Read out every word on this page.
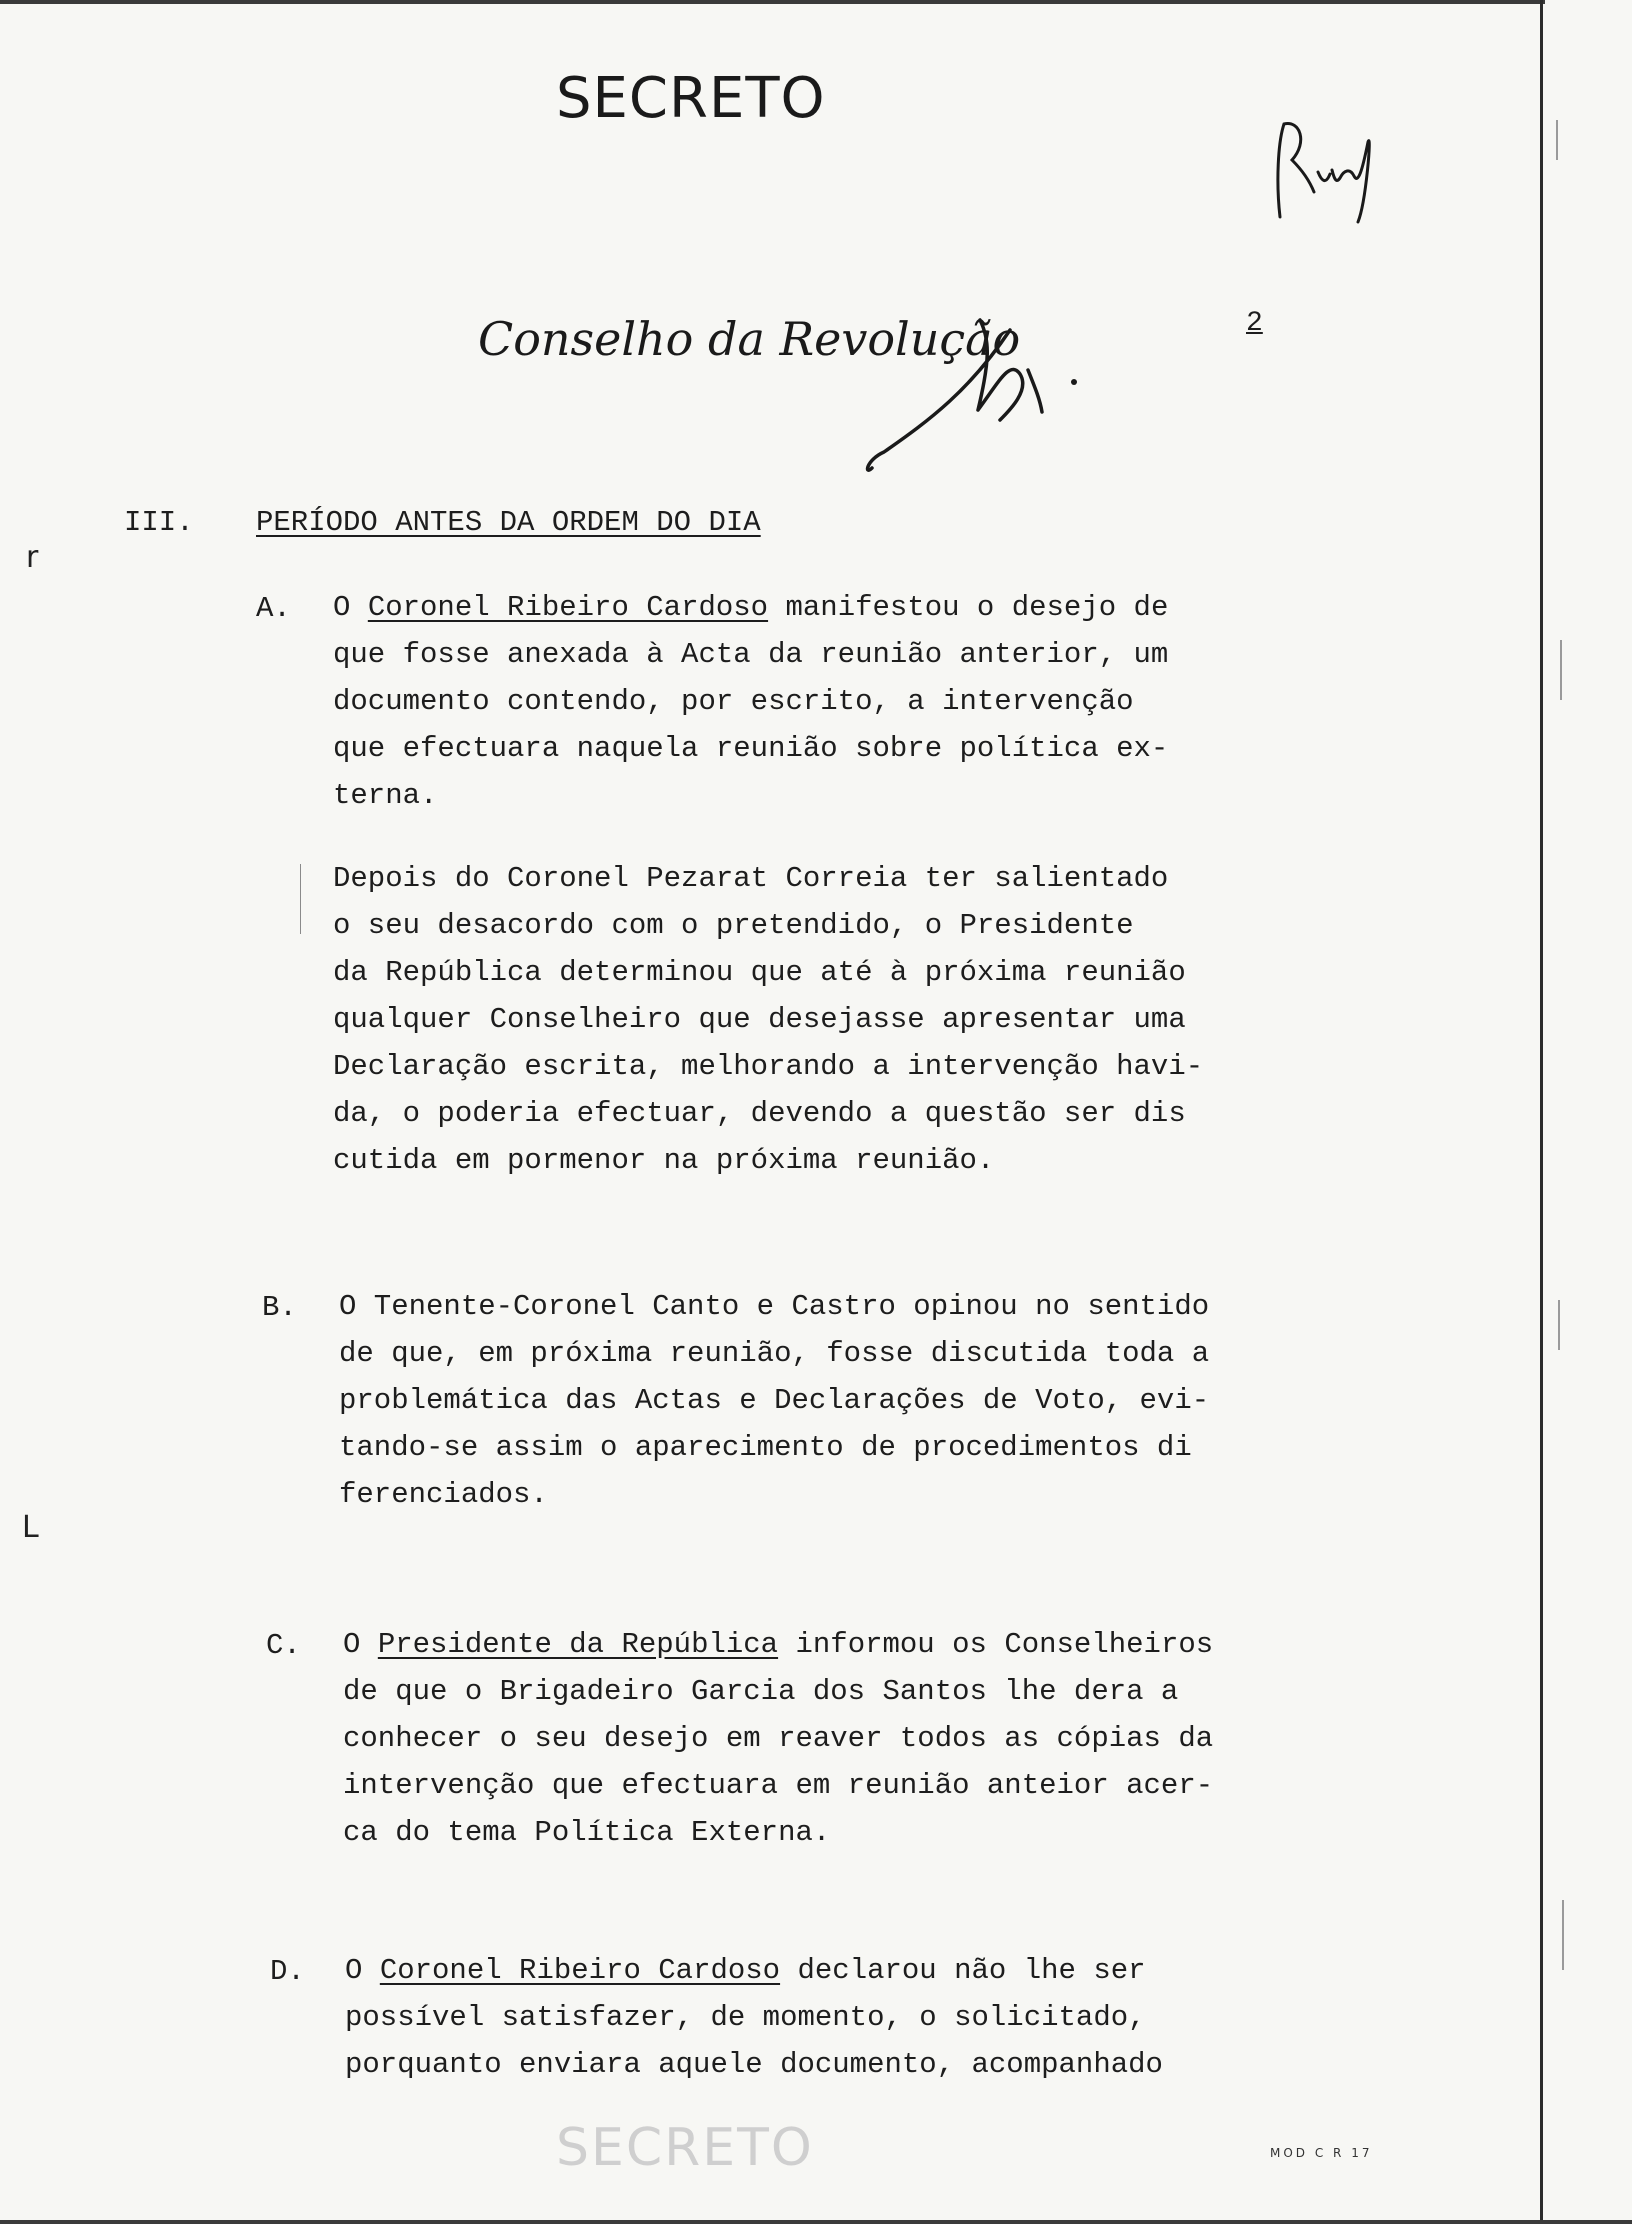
SECRETO
SECRETO
Conselho da Revolução	2
r
L
III. PERÍODO ANTES DA ORDEM DO DIA
A. O Coronel Ribeiro Cardoso manifestou o desejo de
que fosse anexada à Acta da reunião anterior, um
documento contendo, por escrito, a intervenção
que efectuara naquela reunião sobre política ex-
terna.
Depois do Coronel Pezarat Correia ter salientado
o seu desacordo com o pretendido, o Presidente
da República determinou que até à próxima reunião
qualquer Conselheiro que desejasse apresentar uma
Declaração escrita, melhorando a intervenção havi-
da, o poderia efectuar, devendo a questão ser dis
cutida em pormenor na próxima reunião.
B. O Tenente-Coronel Canto e Castro opinou no sentido
de que, em próxima reunião, fosse discutida toda a
problemática das Actas e Declarações de Voto, evi-
tando-se assim o aparecimento de procedimentos di
ferenciados.
C. O Presidente da República informou os Conselheiros
de que o Brigadeiro Garcia dos Santos lhe dera a
conhecer o seu desejo em reaver todos as cópias da
intervenção que efectuara em reunião anteior acer-
ca do tema Política Externa.
D. O Coronel Ribeiro Cardoso declarou não lhe ser
possível satisfazer, de momento, o solicitado,
porquanto enviara aquele documento, acompanhado
MOD C R 17
